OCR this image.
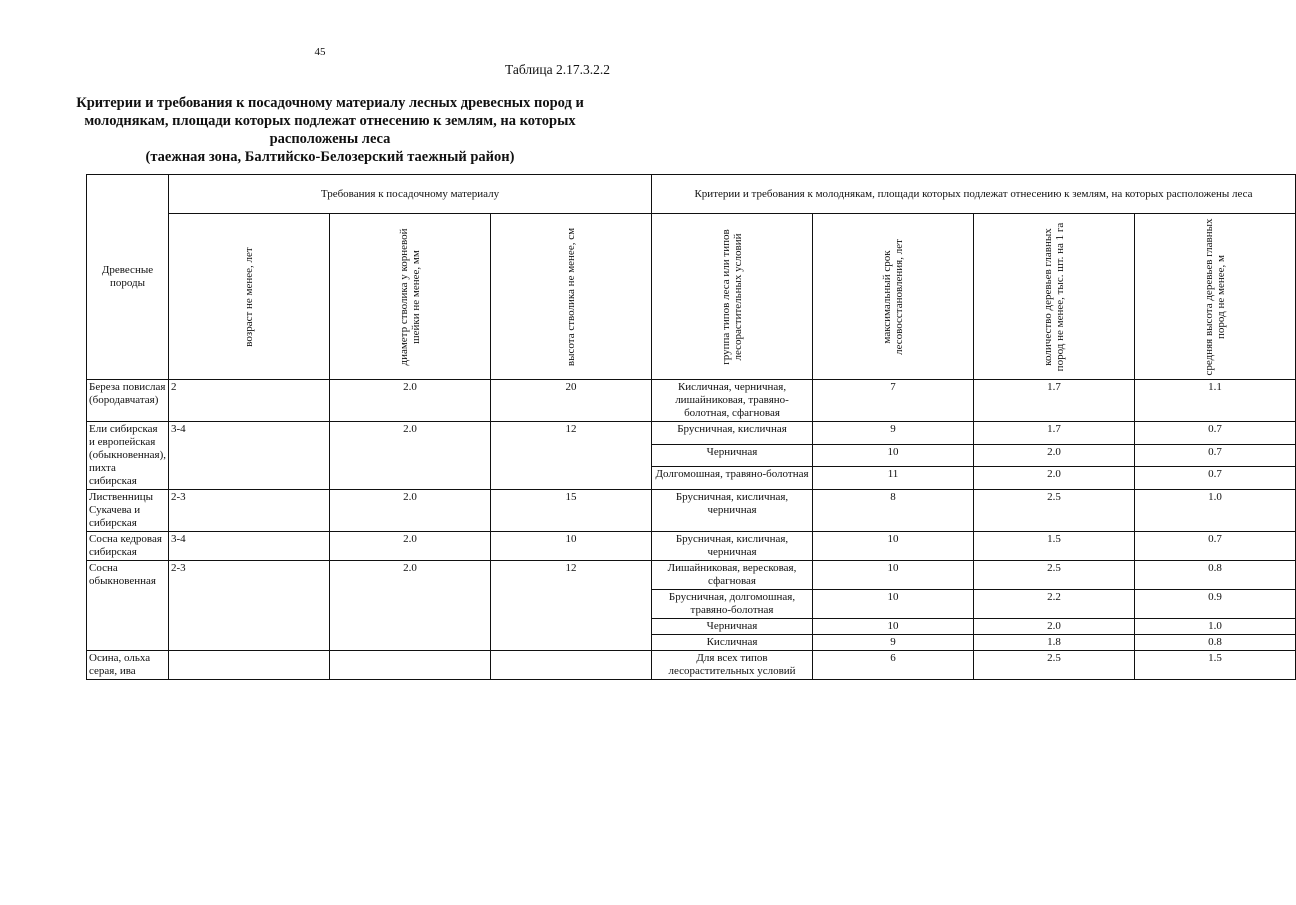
45
Таблица 2.17.3.2.2
Критерии и требования к посадочному материалу лесных древесных пород и
молоднякам, площади которых подлежат отнесению к землям, на которых
расположены леса
(таежная зона, Балтийско-Белозерский таежный район)
Древесные породы	Требования к посадочному материалу			Критерии и требования к молоднякам, площади которых подлежат отнесению к землям, на которых расположены леса			

	возраст не менее, лет	диаметр стволика у корневой шейки не менее, мм	высота стволика не менее, см	группа типов леса или типов лесорастительных условий	максимальный срок лесовосстановления, лет	количество деревьев главных пород не менее, тыс. шт. на 1 га	средняя высота деревьев главных пород не менее, м

Береза повислая (бородавчатая)	2	2.0	20	Кисличная, черничная, лишайниковая, травяно-болотная, сфагновая	7	1.7	1.1
Ели сибирская и европейская (обыкновенная), пихта сибирская	3-4	2.0	12	Брусничная, кисличная	9	1.7	0.7
				Черничная	10	2.0	0.7
				Долгомошная, травяно-болотная	11	2.0	0.7
Лиственницы Сукачева и сибирская	2-3	2.0	15	Брусничная, кисличная, черничная	8	2.5	1.0
Сосна кедровая сибирская	3-4	2.0	10	Брусничная, кисличная, черничная	10	1.5	0.7
Сосна обыкновенная	2-3	2.0	12	Лишайниковая, вересковая, сфагновая	10	2.5	0.8
				Брусничная, долгомошная, травяно-болотная	10	2.2	0.9
				Черничная	10	2.0	1.0
				Кисличная	9	1.8	0.8
Осина, ольха серая, ива				Для всех типов лесорастительных условий	6	2.5	1.5
